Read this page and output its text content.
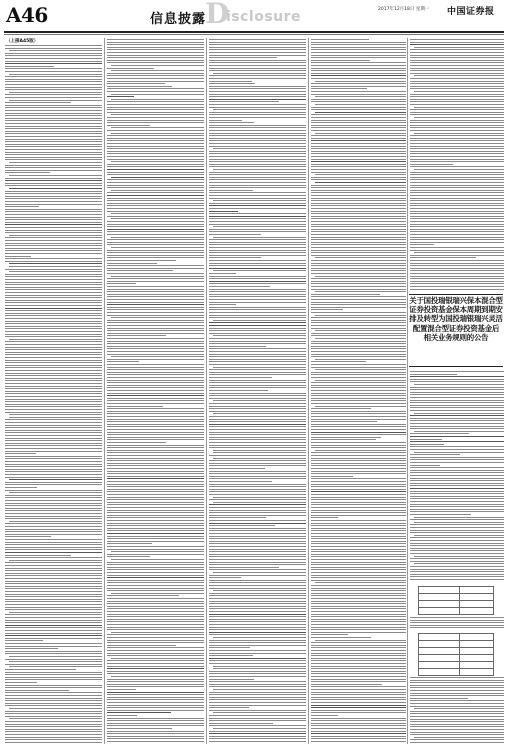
A46	信息披露
D
isclosure	2017年12月18日 星期一 中国证券报
（上接A45版）
关于国投瑞银瑞兴保本混合型
证券投资基金保本周期到期安
排及转型为国投瑞银瑞兴灵活
配置混合型证券投资基金后
相关业务规则的公告
